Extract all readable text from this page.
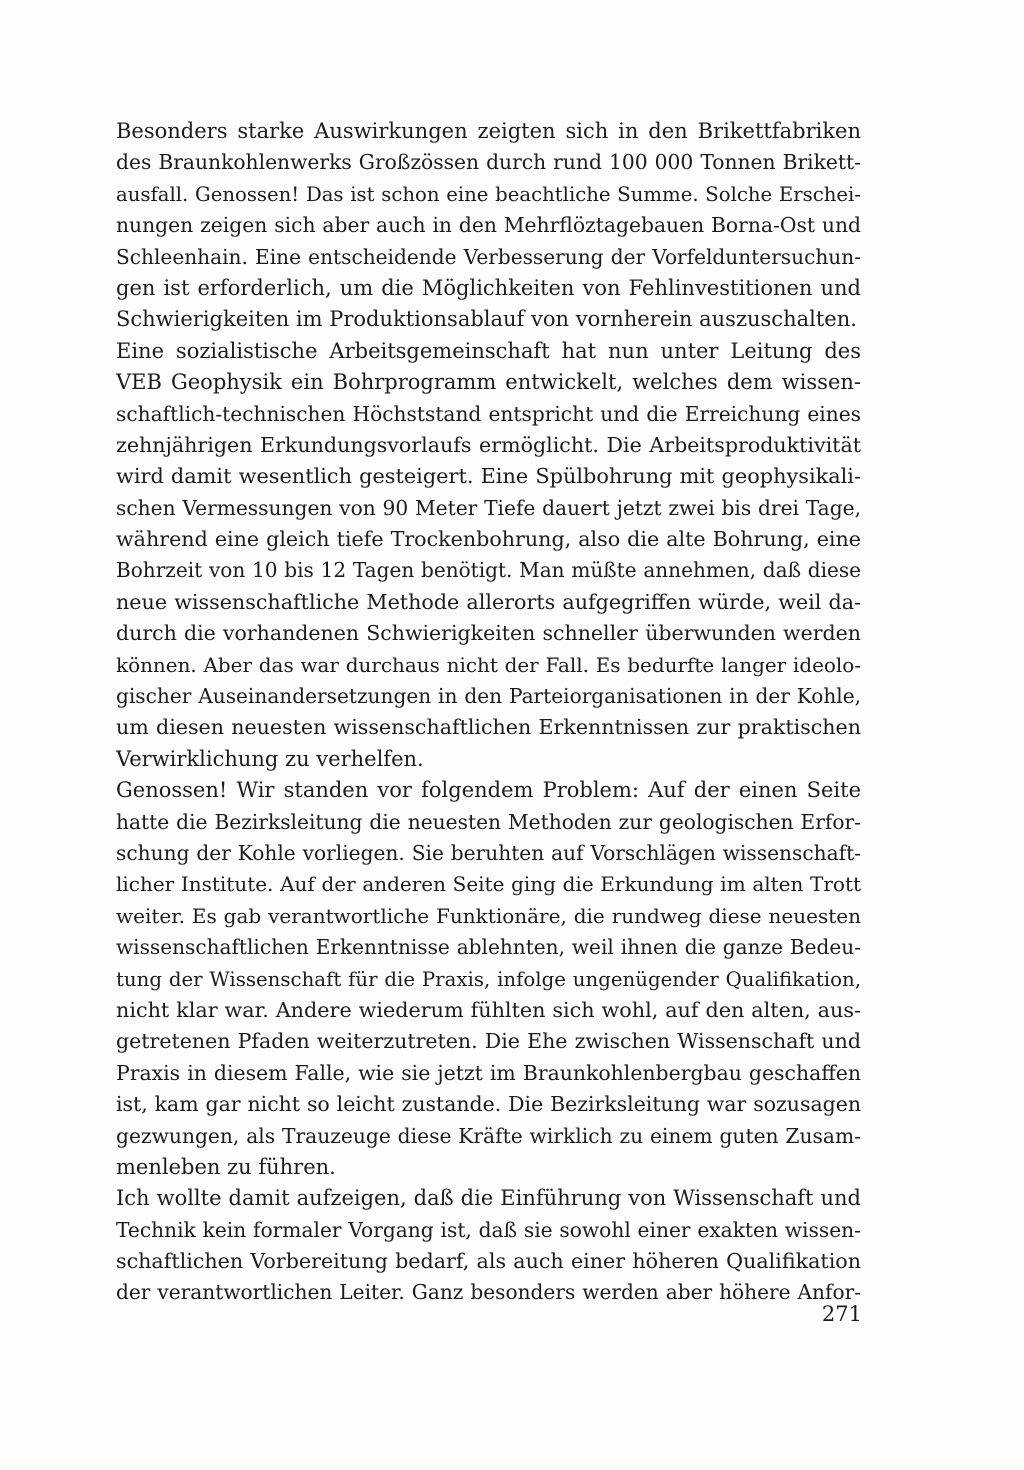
Besonders starke Auswirkungen zeigten sich in den Brikettfabriken
des Braunkohlenwerks Großzössen durch rund 100 000 Tonnen Brikett-
ausfall. Genossen! Das ist schon eine beachtliche Summe. Solche Erschei-
nungen zeigen sich aber auch in den Mehrflöztagebauen Borna-Ost und
Schleenhain. Eine entscheidende Verbesserung der Vorfelduntersuchun-
gen ist erforderlich, um die Möglichkeiten von Fehlinvestitionen und
Schwierigkeiten im Produktionsablauf von vornherein auszuschalten.
Eine sozialistische Arbeitsgemeinschaft hat nun unter Leitung des
VEB Geophysik ein Bohrprogramm entwickelt, welches dem wissen-
schaftlich-technischen Höchststand entspricht und die Erreichung eines
zehnjährigen Erkundungsvorlaufs ermöglicht. Die Arbeitsproduktivität
wird damit wesentlich gesteigert. Eine Spülbohrung mit geophysikali-
schen Vermessungen von 90 Meter Tiefe dauert jetzt zwei bis drei Tage,
während eine gleich tiefe Trockenbohrung, also die alte Bohrung, eine
Bohrzeit von 10 bis 12 Tagen benötigt. Man müßte annehmen, daß diese
neue wissenschaftliche Methode allerorts aufgegriffen würde, weil da-
durch die vorhandenen Schwierigkeiten schneller überwunden werden
können. Aber das war durchaus nicht der Fall. Es bedurfte langer ideolo-
gischer Auseinandersetzungen in den Parteiorganisationen in der Kohle,
um diesen neuesten wissenschaftlichen Erkenntnissen zur praktischen
Verwirklichung zu verhelfen.
Genossen! Wir standen vor folgendem Problem: Auf der einen Seite
hatte die Bezirksleitung die neuesten Methoden zur geologischen Erfor-
schung der Kohle vorliegen. Sie beruhten auf Vorschlägen wissenschaft-
licher Institute. Auf der anderen Seite ging die Erkundung im alten Trott
weiter. Es gab verantwortliche Funktionäre, die rundweg diese neuesten
wissenschaftlichen Erkenntnisse ablehnten, weil ihnen die ganze Bedeu-
tung der Wissenschaft für die Praxis, infolge ungenügender Qualifikation,
nicht klar war. Andere wiederum fühlten sich wohl, auf den alten, aus-
getretenen Pfaden weiterzutreten. Die Ehe zwischen Wissenschaft und
Praxis in diesem Falle, wie sie jetzt im Braunkohlenbergbau geschaffen
ist, kam gar nicht so leicht zustande. Die Bezirksleitung war sozusagen
gezwungen, als Trauzeuge diese Kräfte wirklich zu einem guten Zusam-
menleben zu führen.
Ich wollte damit aufzeigen, daß die Einführung von Wissenschaft und
Technik kein formaler Vorgang ist, daß sie sowohl einer exakten wissen-
schaftlichen Vorbereitung bedarf, als auch einer höheren Qualifikation
der verantwortlichen Leiter. Ganz besonders werden aber höhere Anfor-
271
